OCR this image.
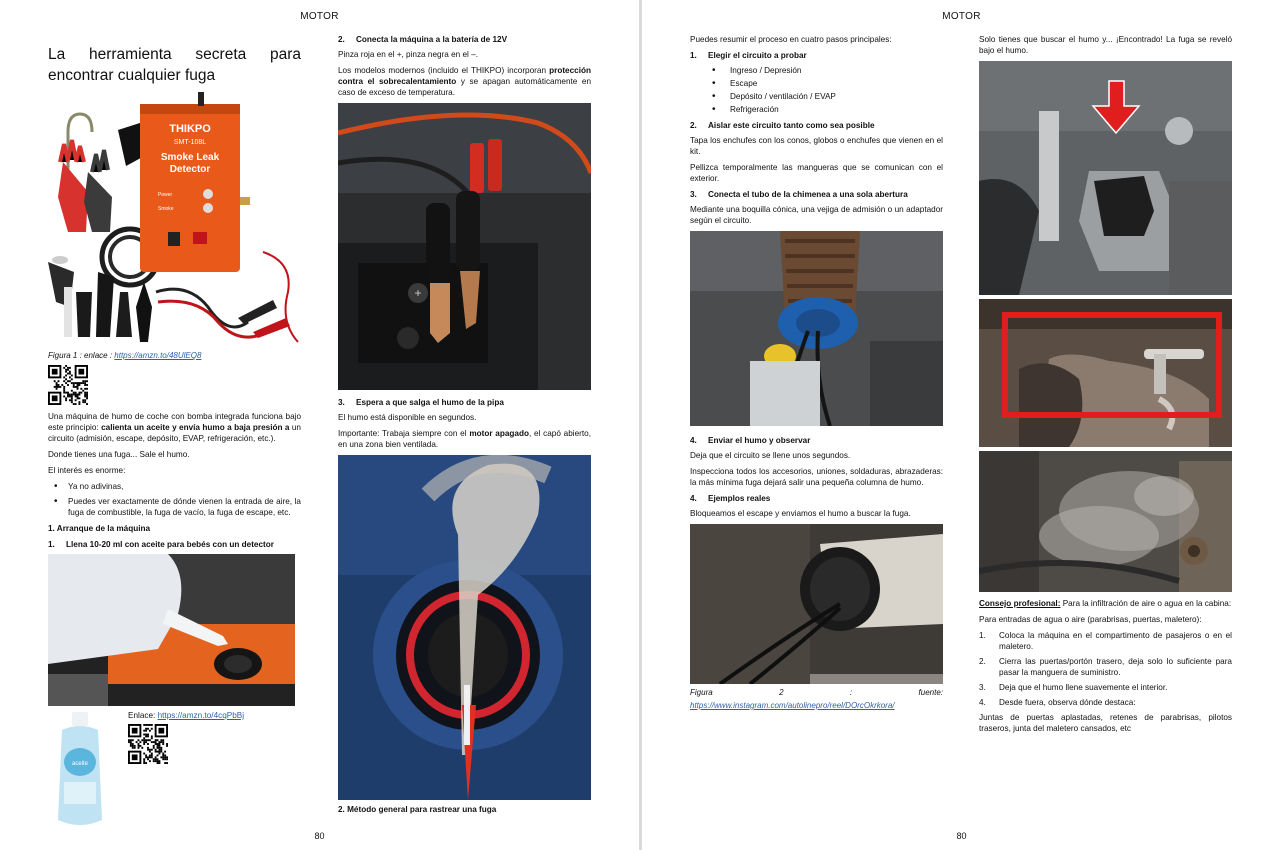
MOTOR
La herramienta secreta para encontrar cualquier fuga
THIKPO
SMT-108L
Smoke Leak
Detector
Power
Smoke
Figura 1 : enlace : https://amzn.to/48UlEQ8

Una máquina de humo de coche con bomba integrada funciona bajo este principio: calienta un aceite y envía humo a baja presión a un circuito (admisión, escape, depósito, EVAP, refrigeración, etc.).

Donde tienes una fuga... Sale el humo.

El interés es enorme:

• Ya no adivinas,
• Puedes ver exactamente de dónde vienen la entrada de aire, la fuga de combustible, la fuga de vacío, la fuga de escape, etc.
1. Arranque de la máquina
1. Llena 10-20 ml con aceite para bebés con un detector
aceite
Enlace: https://amzn.to/4cqPbBj
2. Conecta la máquina a la batería de 12V

Pinza roja en el +, pinza negra en el –.

Los modelos modernos (incluido el THIKPO) incorporan protección contra el sobrecalentamiento y se apagan automáticamente en caso de exceso de temperatura.

+
3. Espera a que salga el humo de la pipa

El humo está disponible en segundos.

Importante: Trabaja siempre con el motor apagado, el capó abierto, en una zona bien ventilada.

2. Método general para rastrear una fuga
80
MOTOR

Puedes resumir el proceso en cuatro pasos principales:

1. Elegir el circuito a probar
• Ingreso / Depresión
• Escape
• Depósito / ventilación / EVAP
• Refrigeración
2. Aislar este circuito tanto como sea posible

Tapa los enchufes con los conos, globos o enchufes que vienen en el kit.

Pellizca temporalmente las mangueras que se comunican con el exterior.

3. Conecta el tubo de la chimenea a una sola abertura

Mediante una boquilla cónica, una vejiga de admisión o un adaptador según el circuito.

4. Enviar el humo y observar

Deja que el circuito se llene unos segundos.

Inspecciona todos los accesorios, uniones, soldaduras, abrazaderas: la más mínima fuga dejará salir una pequeña columna de humo.

4. Ejemplos reales

Bloqueamos el escape y enviamos el humo a buscar la fuga.

Figura 2 : fuente:
https://www.instagram.com/autolinepro/reel/DOrcOkrkora/

Solo tienes que buscar el humo y... ¡Encontrado! La fuga se reveló bajo el humo.

Consejo profesional: Para la infiltración de aire o agua en la cabina:

Para entradas de agua o aire (parabrisas, puertas, maletero):

1. Coloca la máquina en el compartimento de pasajeros o en el maletero.
2. Cierra las puertas/portón trasero, deja solo lo suficiente para pasar la manguera de suministro.
3. Deja que el humo llene suavemente el interior.
4. Desde fuera, observa dónde destaca:

Juntas de puertas aplastadas, retenes de parabrisas, pilotos traseros, junta del maletero cansados, etc

80
